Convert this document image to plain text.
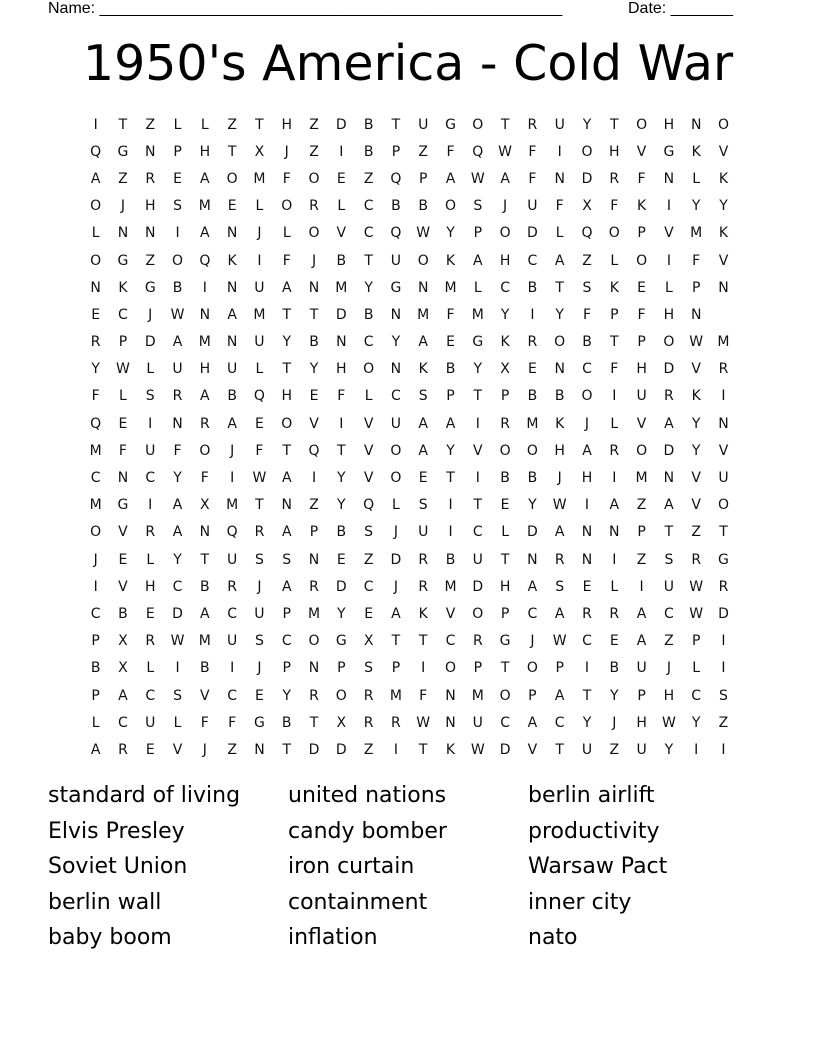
Name: ____________________________________________________	Date: _______
1950's America - Cold War
I	T	Z	L	L	Z	T	H	Z	D	B	T	U	G	O	T	R	U	Y	T	O	H	N	O
Q	G	N	P	H	T	X	J	Z	I	B	P	Z	F	Q	W	F	I	O	H	V	G	K	V
A	Z	R	E	A	O	M	F	O	E	Z	Q	P	A	W	A	F	N	D	R	F	N	L	K
O	J	H	S	M	E	L	O	R	L	C	B	B	O	S	J	U	F	X	F	K	I	Y	Y
L	N	N	I	A	N	J	L	O	V	C	Q	W	Y	P	O	D	L	Q	O	P	V	M	K
O	G	Z	O	Q	K	I	F	J	B	T	U	O	K	A	H	C	A	Z	L	O	I	F	V
N	K	G	B	I	N	U	A	N	M	Y	G	N	M	L	C	B	T	S	K	E	L	P	N
E	C	J	W	N	A	M	T	T	D	B	N	M	F	M	Y	I	Y	F	P	F	H	N
R	P	D	A	M	N	U	Y	B	N	C	Y	A	E	G	K	R	O	B	T	P	O	W	M
Y	W	L	U	H	U	L	T	Y	H	O	N	K	B	Y	X	E	N	C	F	H	D	V	R
F	L	S	R	A	B	Q	H	E	F	L	C	S	P	T	P	B	B	O	I	U	R	K	I
Q	E	I	N	R	A	E	O	V	I	V	U	A	A	I	R	M	K	J	L	V	A	Y	N
M	F	U	F	O	J	F	T	Q	T	V	O	A	Y	V	O	O	H	A	R	O	D	Y	V
C	N	C	Y	F	I	W	A	I	Y	V	O	E	T	I	B	B	J	H	I	M	N	V	U
M	G	I	A	X	M	T	N	Z	Y	Q	L	S	I	T	E	Y	W	I	A	Z	A	V	O
O	V	R	A	N	Q	R	A	P	B	S	J	U	I	C	L	D	A	N	N	P	T	Z	T
J	E	L	Y	T	U	S	S	N	E	Z	D	R	B	U	T	N	R	N	I	Z	S	R	G
I	V	H	C	B	R	J	A	R	D	C	J	R	M	D	H	A	S	E	L	I	U	W	R
C	B	E	D	A	C	U	P	M	Y	E	A	K	V	O	P	C	A	R	R	A	C	W	D
P	X	R	W	M	U	S	C	O	G	X	T	T	C	R	G	J	W	C	E	A	Z	P	I
B	X	L	I	B	I	J	P	N	P	S	P	I	O	P	T	O	P	I	B	U	J	L	I
P	A	C	S	V	C	E	Y	R	O	R	M	F	N	M	O	P	A	T	Y	P	H	C	S
L	C	U	L	F	F	G	B	T	X	R	R	W	N	U	C	A	C	Y	J	H	W	Y	Z
A	R	E	V	J	Z	N	T	D	D	Z	I	T	K	W	D	V	T	U	Z	U	Y	I	I
standard of living	united nations	berlin airlift
Elvis Presley	candy bomber	productivity
Soviet Union	iron curtain	Warsaw Pact
berlin wall	containment	inner city
baby boom	inflation	nato
